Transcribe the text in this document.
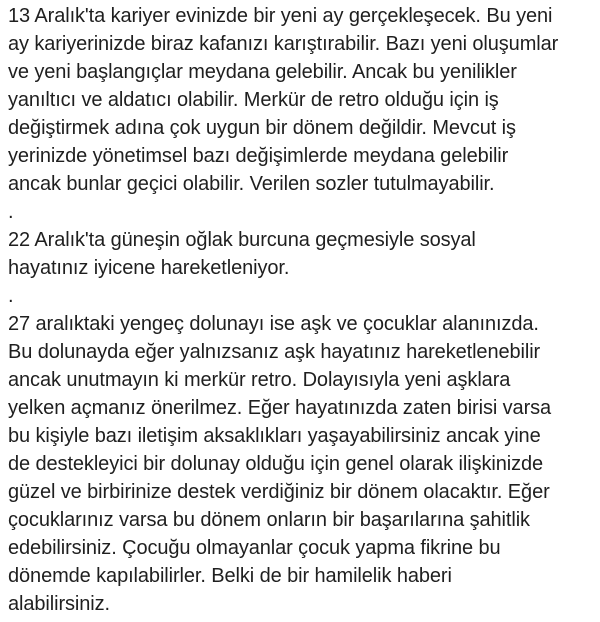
13 Aralık'ta kariyer evinizde bir yeni ay gerçekleşecek. Bu yeni
ay kariyerinizde biraz kafanızı karıştırabilir. Bazı yeni oluşumlar
ve yeni başlangıçlar meydana gelebilir. Ancak bu yenilikler
yanıltıcı ve aldatıcı olabilir. Merkür de retro olduğu için iş
değiştirmek adına çok uygun bir dönem değildir. Mevcut iş
yerinizde yönetimsel bazı değişimlerde meydana gelebilir
ancak bunlar geçici olabilir. Verilen sozler tutulmayabilir.
.
22 Aralık'ta güneşin oğlak burcuna geçmesiyle sosyal
hayatınız iyicene hareketleniyor.
.
27 aralıktaki yengeç dolunayı ise aşk ve çocuklar alanınızda.
Bu dolunayda eğer yalnızsanız aşk hayatınız hareketlenebilir
ancak unutmayın ki merkür retro. Dolayısıyla yeni aşklara
yelken açmanız önerilmez. Eğer hayatınızda zaten birisi varsa
bu kişiyle bazı iletişim aksaklıkları yaşayabilirsiniz ancak yine
de destekleyici bir dolunay olduğu için genel olarak ilişkinizde
güzel ve birbirinize destek verdiğiniz bir dönem olacaktır. Eğer
çocuklarınız varsa bu dönem onların bir başarılarına şahitlik
edebilirsiniz. Çocuğu olmayanlar çocuk yapma fikrine bu
dönemde kapılabilirler. Belki de bir hamilelik haberi
alabilirsiniz.
